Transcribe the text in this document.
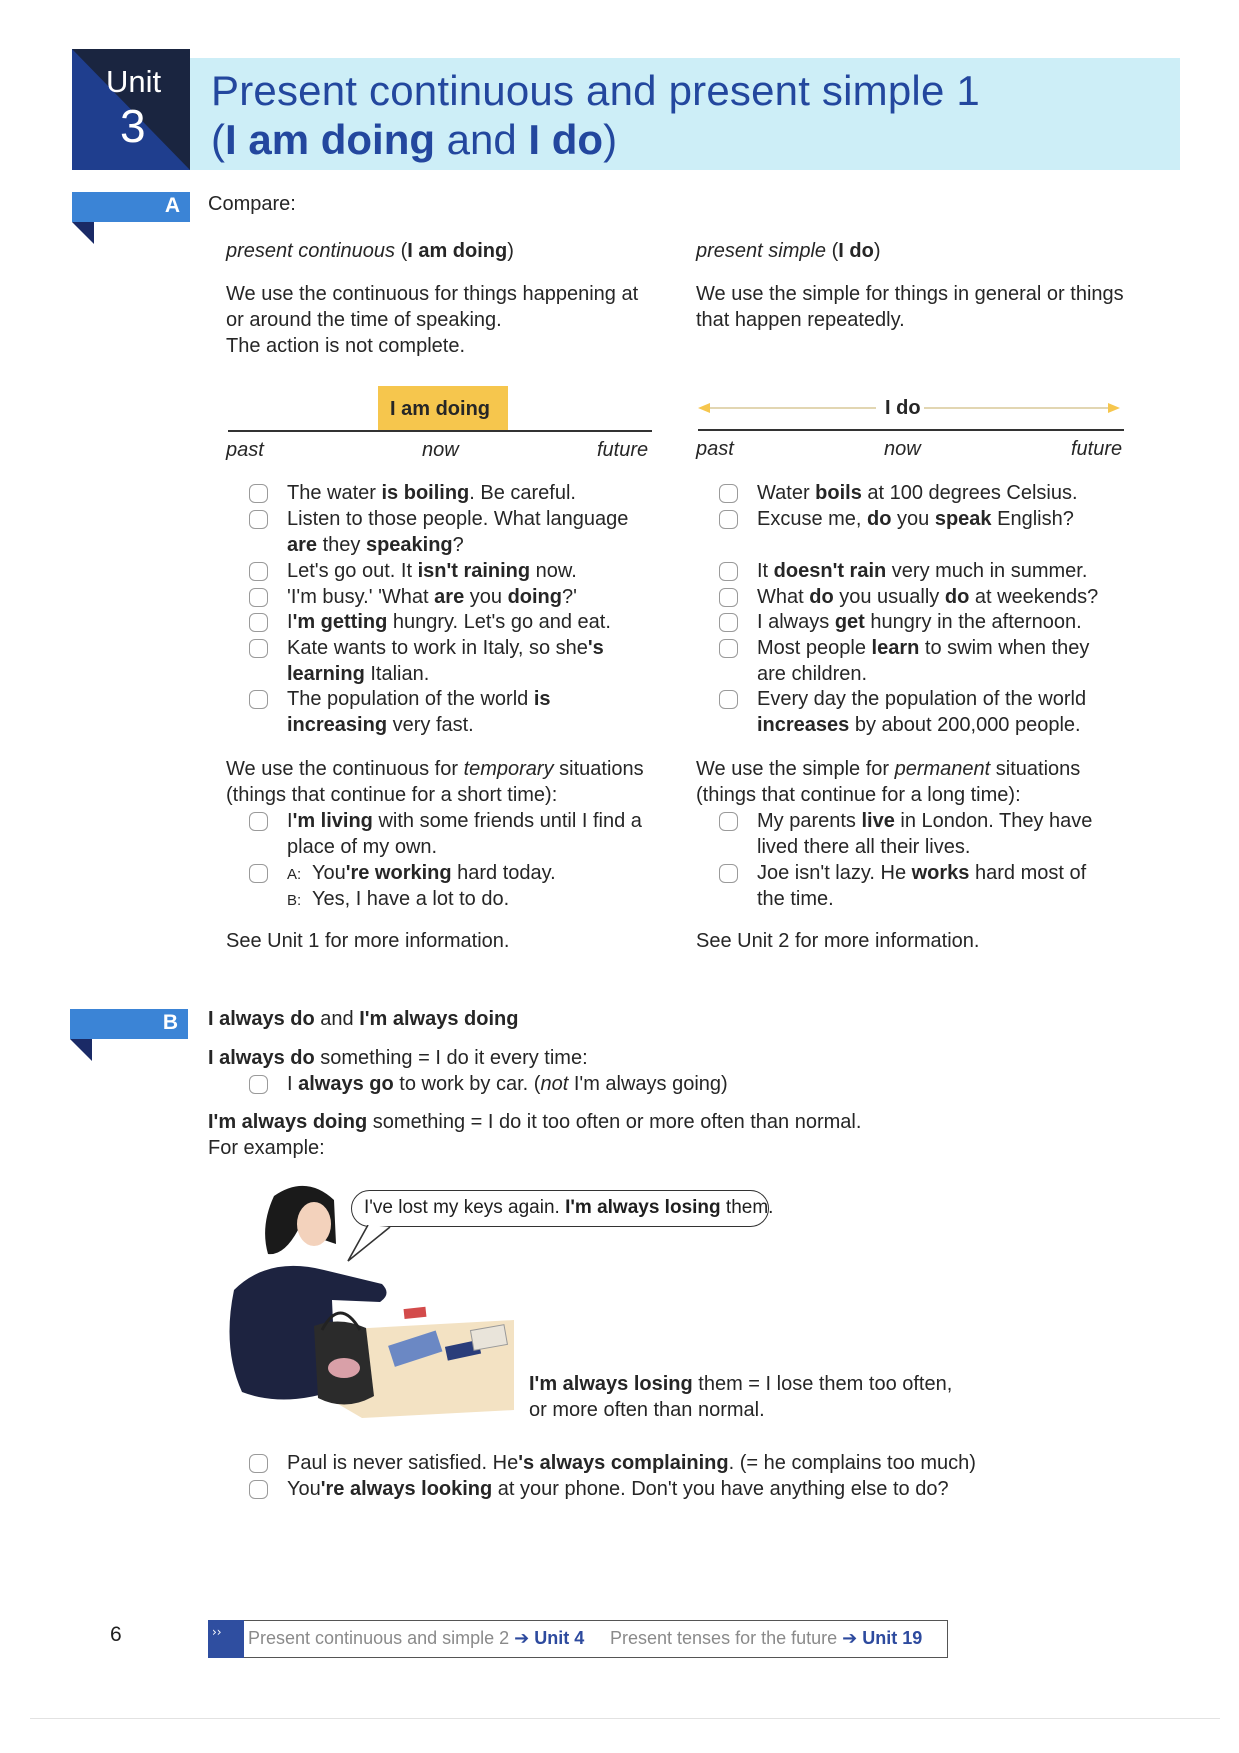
Unit
3
Present continuous and present simple 1
(I am doing and I do)
A	Compare:
present continuous (I am doing)
We use the continuous for things happening at
or around the time of speaking.
The action is not complete.
I am doing
past	now	future
The water is boiling. Be careful.
Listen to those people. What language
are they speaking?
Let's go out. It isn't raining now.
'I'm busy.' 'What are you doing?'
I'm getting hungry. Let's go and eat.
Kate wants to work in Italy, so she's
learning Italian.
The population of the world is
increasing very fast.
We use the continuous for temporary situations
(things that continue for a short time):
I'm living with some friends until I find a
place of my own.
A: You're working hard today.
B: Yes, I have a lot to do.
See Unit 1 for more information.
present simple (I do)
We use the simple for things in general or things
that happen repeatedly.
I do
past	now	future
Water boils at 100 degrees Celsius.
Excuse me, do you speak English?
It doesn't rain very much in summer.
What do you usually do at weekends?
I always get hungry in the afternoon.
Most people learn to swim when they
are children.
Every day the population of the world
increases by about 200,000 people.
We use the simple for permanent situations
(things that continue for a long time):
My parents live in London. They have
lived there all their lives.
Joe isn't lazy. He works hard most of
the time.
See Unit 2 for more information.
B	I always do and I'm always doing
I always do something = I do it every time:
I always go to work by car. (not I'm always going)
I'm always doing something = I do it too often or more often than normal.
For example:
I've lost my keys again. I'm always losing them.
I'm always losing them = I lose them too often,
or more often than normal.
Paul is never satisfied. He's always complaining. (= he complains too much)
You're always looking at your phone. Don't you have anything else to do?
6	›› Present continuous and simple 2 ➔ Unit 4 Present tenses for the future ➔ Unit 19
